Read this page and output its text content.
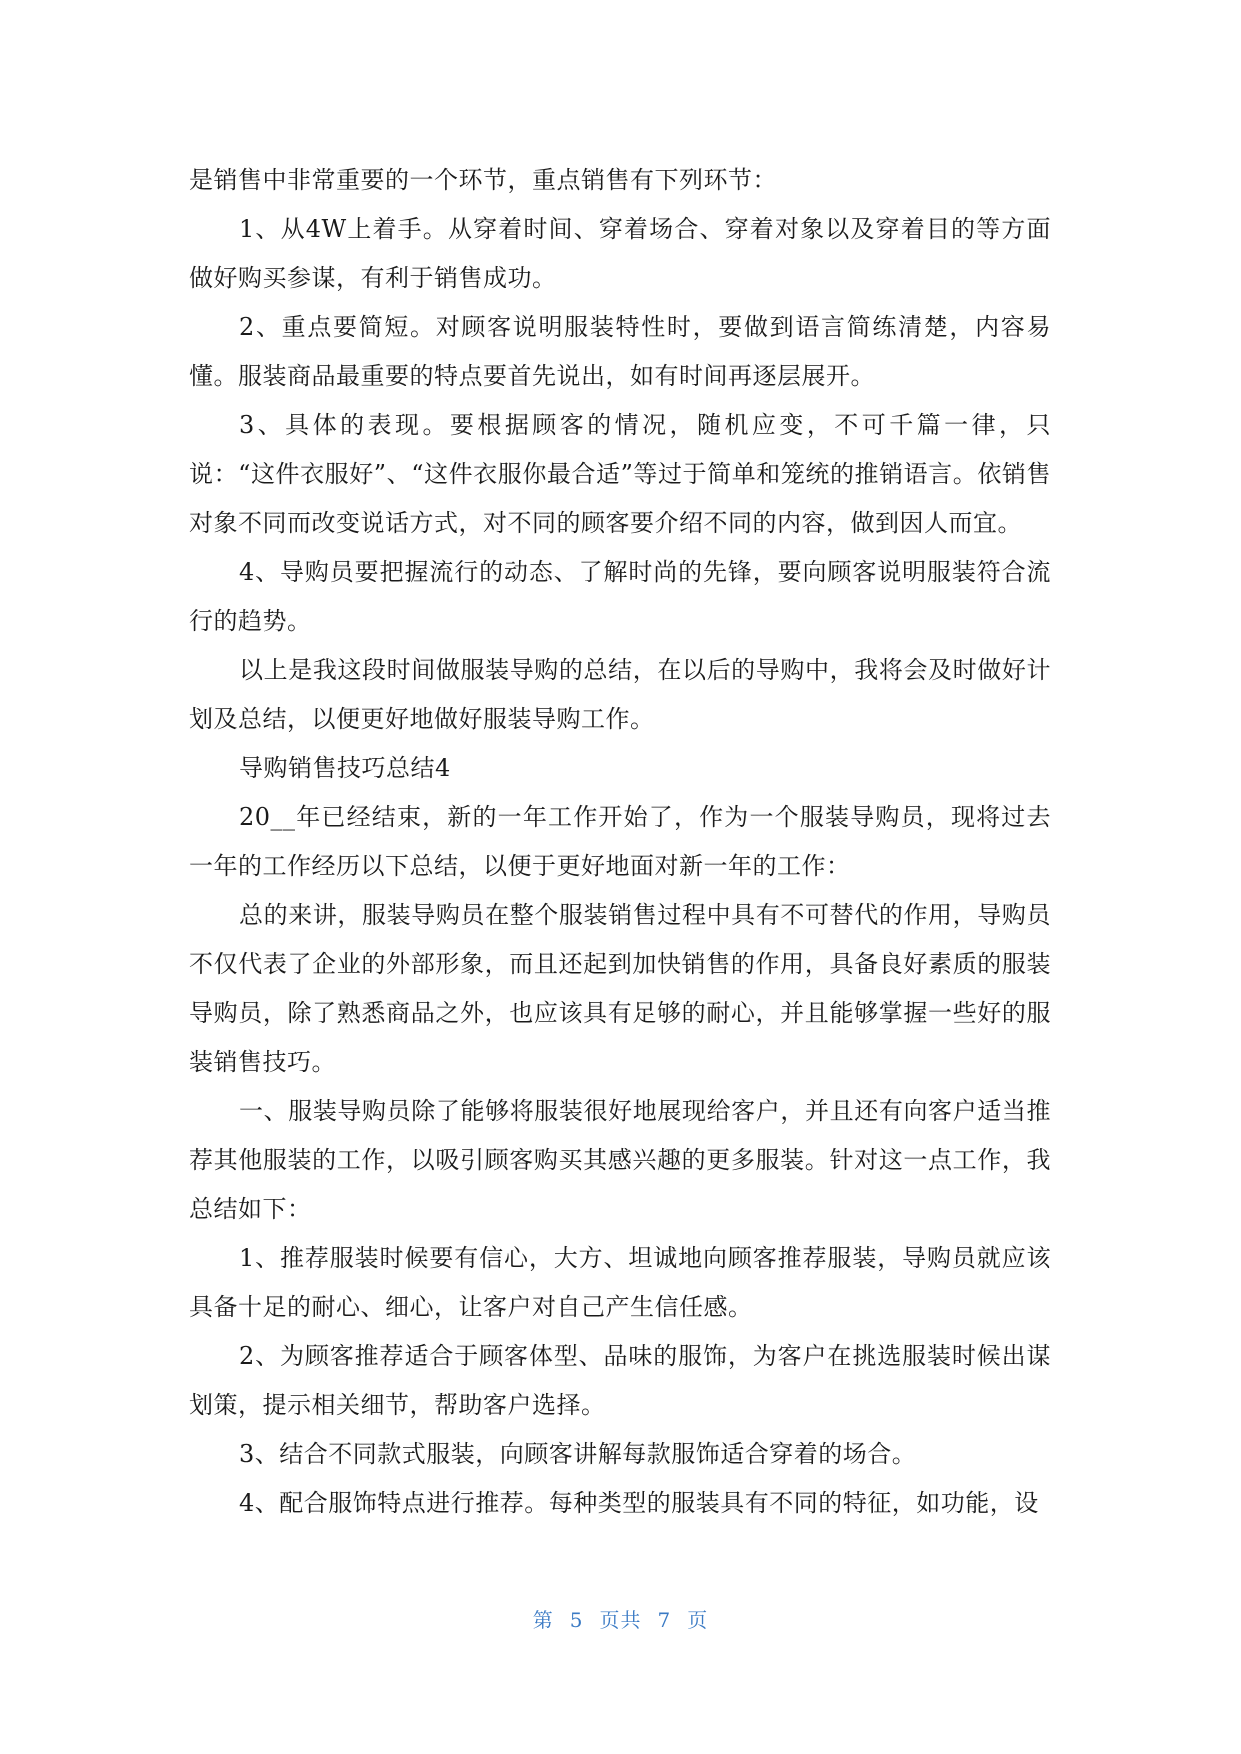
是销售中非常重要的一个环节，重点销售有下列环节：

1、从4W上着手。从穿着时间、穿着场合、穿着对象以及穿着目的等方面做好购买参谋，有利于销售成功。

2、重点要简短。对顾客说明服装特性时，要做到语言简练清楚，内容易懂。服装商品最重要的特点要首先说出，如有时间再逐层展开。

3、具体的表现。要根据顾客的情况，随机应变，不可千篇一律，只说：“这件衣服好”、“这件衣服你最合适”等过于简单和笼统的推销语言。依销售对象不同而改变说话方式，对不同的顾客要介绍不同的内容，做到因人而宜。

4、导购员要把握流行的动态、了解时尚的先锋，要向顾客说明服装符合流行的趋势。

以上是我这段时间做服装导购的总结，在以后的导购中，我将会及时做好计划及总结，以便更好地做好服装导购工作。

导购销售技巧总结4

20__年已经结束，新的一年工作开始了，作为一个服装导购员，现将过去一年的工作经历以下总结，以便于更好地面对新一年的工作：

总的来讲，服装导购员在整个服装销售过程中具有不可替代的作用，导购员不仅代表了企业的外部形象，而且还起到加快销售的作用，具备良好素质的服装导购员，除了熟悉商品之外，也应该具有足够的耐心，并且能够掌握一些好的服装销售技巧。

一、服装导购员除了能够将服装很好地展现给客户，并且还有向客户适当推荐其他服装的工作，以吸引顾客购买其感兴趣的更多服装。针对这一点工作，我总结如下：

1、推荐服装时候要有信心，大方、坦诚地向顾客推荐服装，导购员就应该具备十足的耐心、细心，让客户对自己产生信任感。

2、为顾客推荐适合于顾客体型、品味的服饰，为客户在挑选服装时候出谋划策，提示相关细节，帮助客户选择。

3、结合不同款式服装，向顾客讲解每款服饰适合穿着的场合。

4、配合服饰特点进行推荐。每种类型的服装具有不同的特征，如功能，设

第 5 页共 7 页
